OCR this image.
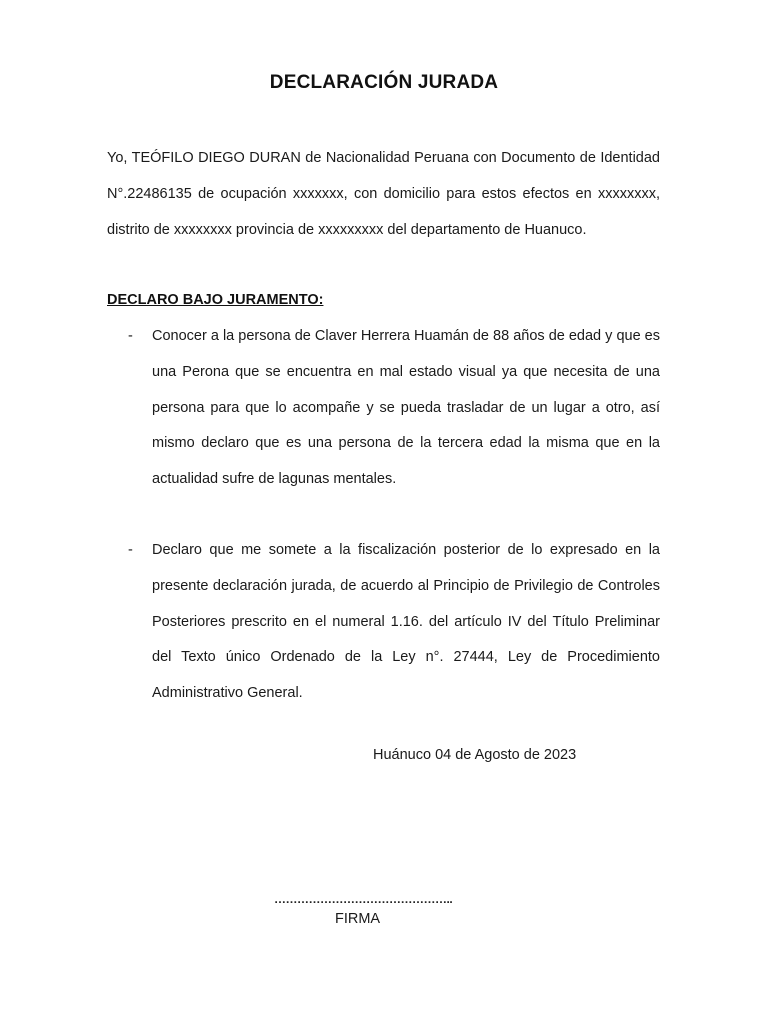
DECLARACIÓN JURADA
Yo, TEÓFILO DIEGO DURAN de Nacionalidad Peruana con Documento de Identidad N°.22486135 de ocupación xxxxxxx, con domicilio para estos efectos en xxxxxxxx, distrito de xxxxxxxx provincia de xxxxxxxxx del departamento de Huanuco.
DECLARO BAJO JURAMENTO:
- Conocer a la persona de Claver Herrera Huamán de 88 años de edad y que es una Perona que se encuentra en mal estado visual ya que necesita de una persona para que lo acompañe y se pueda trasladar de un lugar a otro, así mismo declaro que es una persona de la tercera edad la misma que en la actualidad sufre de lagunas mentales.
- Declaro que me somete a la fiscalización posterior de lo expresado en la presente declaración jurada, de acuerdo al Principio de Privilegio de Controles Posteriores prescrito en el numeral 1.16. del artículo IV del Título Preliminar del Texto único Ordenado de la Ley n°. 27444, Ley de Procedimiento Administrativo General.
Huánuco 04 de Agosto de 2023
………………………………………..
FIRMA
